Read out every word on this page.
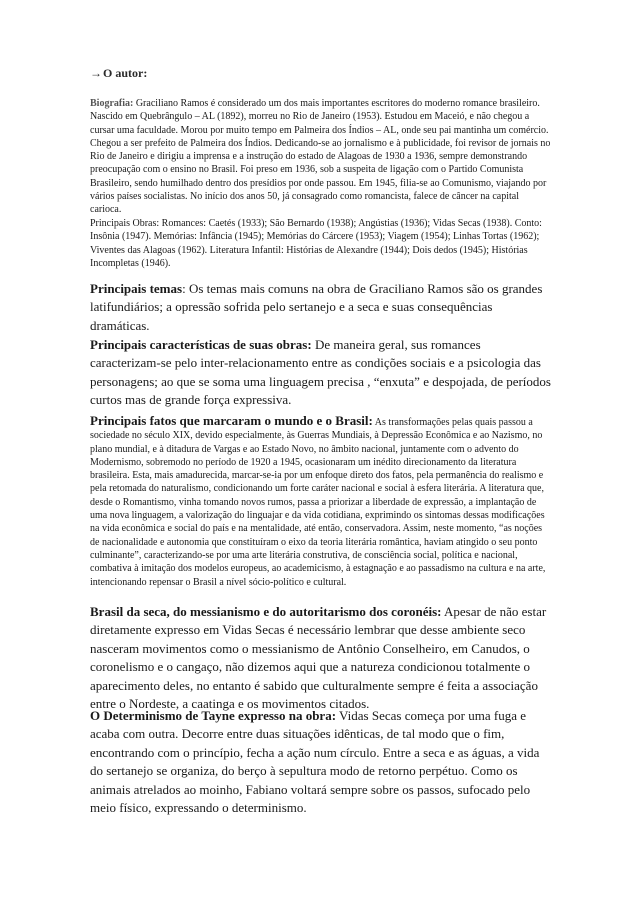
→O autor:

Biografia: Graciliano Ramos é considerado um dos mais importantes escritores do moderno romance brasileiro. Nascido em Quebrângulo – AL (1892), morreu no Rio de Janeiro (1953). Estudou em Maceió, e não chegou a cursar uma faculdade. Morou por muito tempo em Palmeira dos Índios – AL, onde seu pai mantinha um comércio. Chegou a ser prefeito de Palmeira dos Índios. Dedicando-se ao jornalismo e à publicidade, foi revisor de jornais no Rio de Janeiro e dirigiu a imprensa e a instrução do estado de Alagoas de 1930 a 1936, sempre demonstrando preocupação com o ensino no Brasil. Foi preso em 1936, sob a suspeita de ligação com o Partido Comunista Brasileiro, sendo humilhado dentro dos presídios por onde passou. Em 1945, filia-se ao Comunismo, viajando por vários países socialistas. No início dos anos 50, já consagrado como romancista, falece de câncer na capital carioca.

Principais Obras: Romances: Caetés (1933); São Bernardo (1938); Angústias (1936); Vidas Secas (1938). Conto: Insônia (1947). Memórias: Infância (1945); Memórias do Cárcere (1953); Viagem (1954); Linhas Tortas (1962); Viventes das Alagoas (1962). Literatura Infantil: Histórias de Alexandre (1944); Dois dedos (1945); Histórias Incompletas (1946).

Principais temas: Os temas mais comuns na obra de Graciliano Ramos são os grandes latifundiários; a opressão sofrida pelo sertanejo e a seca e suas consequências dramáticas.

Principais características de suas obras: De maneira geral, sus romances caracterizam-se pelo inter-relacionamento entre as condições sociais e a psicologia das personagens; ao que se soma uma linguagem precisa , “enxuta” e despojada, de períodos curtos mas de grande força expressiva.

Principais fatos que marcaram o mundo e o Brasil: As transformações pelas quais passou a sociedade no século XIX, devido especialmente, às Guerras Mundiais, à Depressão Econômica e ao Nazismo, no plano mundial, e à ditadura de Vargas e ao Estado Novo, no âmbito nacional, juntamente com o advento do Modernismo, sobremodo no período de 1920 a 1945, ocasionaram um inédito direcionamento da literatura brasileira. Esta, mais amadurecida, marcar-se-ia por um enfoque direto dos fatos, pela permanência do realismo e pela retomada do naturalismo, condicionando um forte caráter nacional e social à esfera literária. A literatura que, desde o Romantismo, vinha tomando novos rumos, passa a priorizar a liberdade de expressão, a implantação de uma nova linguagem, a valorização do linguajar e da vida cotidiana, exprimindo os sintomas dessas modificações na vida econômica e social do país e na mentalidade, até então, conservadora. Assim, neste momento, “as noções de nacionalidade e autonomia que constituíram o eixo da teoria literária romântica, haviam atingido o seu ponto culminante”, caracterizando-se por uma arte literária construtiva, de consciência social, política e nacional, combativa à imitação dos modelos europeus, ao academicismo, à estagnação e ao passadismo na cultura e na arte, intencionando repensar o Brasil a nível sócio-político e cultural.

Brasil da seca, do messianismo e do autoritarismo dos coronéis: Apesar de não estar diretamente expresso em Vidas Secas é necessário lembrar que desse ambiente seco nasceram movimentos como o messianismo de Antônio Conselheiro, em Canudos, o coronelismo e o cangaço, não dizemos aqui que a natureza condicionou totalmente o aparecimento deles, no entanto é sabido que culturalmente sempre é feita a associação entre o Nordeste, a caatinga e os movimentos citados.

O Determinismo de Tayne expresso na obra: Vidas Secas começa por uma fuga e acaba com outra. Decorre entre duas situações idênticas, de tal modo que o fim, encontrando com o princípio, fecha a ação num círculo. Entre a seca e as águas, a vida do sertanejo se organiza, do berço à sepultura modo de retorno perpétuo. Como os animais atrelados ao moinho, Fabiano voltará sempre sobre os passos, sufocado pelo meio físico, expressando o determinismo.
